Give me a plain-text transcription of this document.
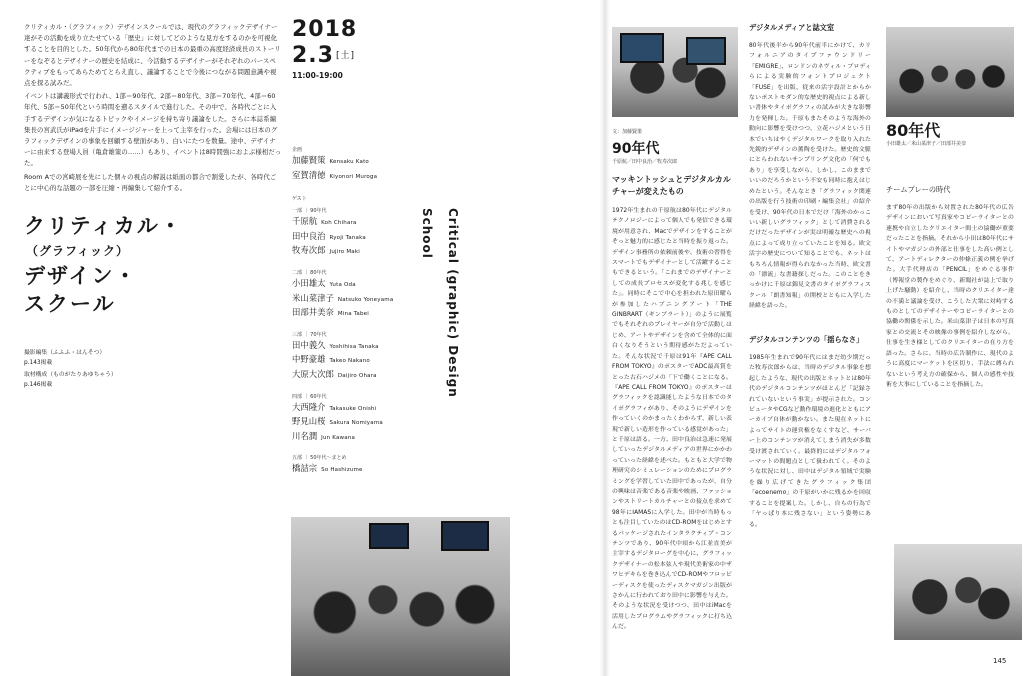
クリティカル・（グラフィック）デザインスクールでは、現代のグラフィックデザイナー達がその活動を成り立たせている「歴史」に対してどのような見方をするのかを可視化することを目的とした。50年代から80年代までの日本の最重の高度経済成長のストーリーをなぞるとデザイナーの歴史を結成に、今活動するデザイナーがそれぞれのパースペクティブをもってあらためてとらえ直し、議論することで今後につながる問題意識や視点を探る試みだ。

イベントは講義形式で行われ、1部＝90年代、2部＝80年代、3部＝70年代、4部＝60年代、5部＝50年代という時間を遡るスタイルで進行した。その中で、各時代ごとに入手するデザインが気になるトピックやイメージを持ち寄り議論をした。さらに本誌系編集長の宮武氏がiPadを片手にイメージジャーを上って主宰を行った。会場には日本のグラフィックデザインの事象を回顧する壁面があり、白いにたつを数量。途中、デザイナーに由来する登場人員（亀倉雄策の……）もあり、イベントは8時間強におよぶ様相だった。

Room Aでの宮崎展を先にした個々の視点の解説は紙面の都合で割愛したが、各時代ごとに中心的な話題の一部を圧縮・再編集して紹介する。

クリティカル・
（グラフィック）
デザイン・
スクール
撮影編集（ふふふ・はんそつ）
p.143掲載
取材構成（ものがたりあゆちゃう）
p.146掲載
2018
2.3 [土]
11:00-19:00
企画
加藤賢策 Kensaku Kato
室賀清徳 Kiyonori Muroga
ゲスト
一部 ｜ 90年代
千原航 Koh Chihara
田中良治 Ryoji Tanaka
牧寿次郎 Jujiro Maki
二部 ｜ 80年代
小田雄太 Yuta Oda
米山菜津子 Natsuko Yoneyama
田部井美奈 Mina Tabei
三部 ｜ 70年代
田中義久 Yoshihisa Tanaka
中野豪雄 Takeo Nakano
大原大次郎 Daijiro Ohara
四部 ｜ 60年代
大西隆介 Takasuke Onishi
野見山桜 Sakura Nomiyama
川名潤 Jun Kawana
五部 ｜ 50年代～まとめ
橋詰宗 So Hashizume
Critical (graphic) Design School
文：加藤賢策
90年代
千原航／田中良治／牧寿次郎
マッキントッシュとデジタルカルチャーが変えたもの
1972年生まれの千原航は80年代にデジタルテクノロジーによって個人でも発信できる環境が用意され、Macでデザインをすることがぞっと魅力的に感じたと当時を振り返った。デザイン事務所の依頼前後や、技術の習得をスマートでもデザイナーとして活躍することもできるという。「これまでのデザイナーとしての成長プロセスが変化する兆しを感じた」。同時にそこで中心を担われた原田曜らが参加したハブニングアート「THE GINBRART（ギンブラート）」のように展覧でもそれぞれのプレイヤーが自分で活動しはじめ、アートやデザインを含めて全体的に面白くなりそうという期待感がただよっていた。そんな状況で千原は91年『APE CALL FROM TOKYO』のポスターでADC最高賞をとった古石ハジメの「下で働くことになる。『APE CALL FROM TOKYO』のポスターはグラフィックを認識能したような日本でのタイポグラフィがあり、そのようにデザインを作っていくのかまったくわからず、新しい表現で新しい造形を作っている感覚があった」と千原は語る。一方、田中良治は急速に発展していったデジタルメディアの世界にかかわっていった経緯を述べた。もともと大学で物理研究のシミュレーションのためにプログラミングを学習していた田中であったが、自分の興味は音楽である音楽や映画、ファッションやストリートカルチャーとの接点を求めて98年にIAMASに入学した。田中が当時もっとも注目していたのはCD-ROMをはじめとするパッケージされたインタラクティブ・コンテンツであり、90年代中頃から江並直美が主宰するデジタローグを中心に、グラフィックデザイナーの松本弦人や現代美術家の中ザワヒデキらを巻き込んでCD-ROMやフロッピーディスクを使ったディスクマガジン出版がさかんに行われており田中に影響を与えた。そのような状況を受けつつ、田中はiMacを活用したプログラムやグラフィックに打ち込んだ。
デジタルメディアと誌文室
80年代後半から90年代前半にかけて、カリフォルニアのタイプファウンドリー「EMIGRE」、ロンドンのネヴィル・ブロディらによる実験的フォントプロジェクト「FUSE」を出版、従来の活字設計とからかないポストモダン的な歴史的視点による新しい書体やタイポグラフィの試みが大きな影響力を発揮した。千原もまたそのような海外の動向に影響を受けつつ、立花ハジメという日本でいちはやくデジタルワークを取り入れた先鋭的デザインの薫陶を受けた。歴史的文脈にとらわれないサンプリング文化の「何でもあり」を享受しながら、しかし、このままでいいのだろうかという不安も同時に抱えはじめたという。そんなとき「グラフィック関連の出版を行う技術の印刷・編集会社」の紹介を受け、90年代の日本でだけ「海外のかっこいい新しいグラフィック」として消費されるだけだったデザインが実は明確な歴史への視点によって成り立っていたことを知る。欧文活字の歴史について知ることでも、ネットはもちろん情報が得られなかった当時、欧文書の「漂流」な書籍探しだった。このことをきっかけに千原は錦見文書のタイポグラフィスクール「朗書知報」の開校とともに入学した経緯を語った。
デジタルコンテンツの「揺らなさ」
1985年生まれで90年代にはまだ幼少期だった牧寿次郎からは、当時のデジタル事象を想起したような、現代の出版とネットとは80年代のデジタルコンテンツがほとんど「記録されていないという事実」が提示された。コンピュータやCGなど動作環境の進化とともにアーカイブ自体が動かない。また現在ネットによってサイトの運営権をなくすなど、サーバー上のコンテンツが消えてしまう消失が多数受け渡されていく。最終的にはデジタルフォーマットの間題点として扱われてく。そのような状況に対し、田中はデジタル領域で実験を繰り広げてきたグラフィック集団「ecoenemo」の千原がいかに残るかを回収することを提案した。しかし、自らの行為で「ヤっぱり本に残さない」という姿勢にある。
80年代
小田雄太／米山菜津子／田部井美奈
チームプレーの時代
まず80年の出版から対置された80年代の広告デザインにおいて写真家やコピーライターとの連携や自立したクリエイター間士の協働が重要だったことを指摘。それから小田は80年代にサイトやマガジンの外部と仕事をした高い例として、アートディレクターの仲條正義の例を挙げた。大手代理店の「PENCIL」をめぐる事件（博報堂の製作をめぐり、新聞社が誌上で取り上げた騒動）を紹介し、当時のクリエイター達の不満と議論を受け、こうした大衆に対峙するものとしてのデザイナーやコピーライターとの協働の関係を示した。米山菜津子は日本の写真家との交流とその映像の事例を紹介しながら、仕事を生き様としてのクリエイターの在り方を語った。さらに、当時の広告制作に、現代のように高度にマーケットを区切り、手法に縛られないという考え方の確保から、個人の感性や技術を大事にしていることを指摘した。
145
